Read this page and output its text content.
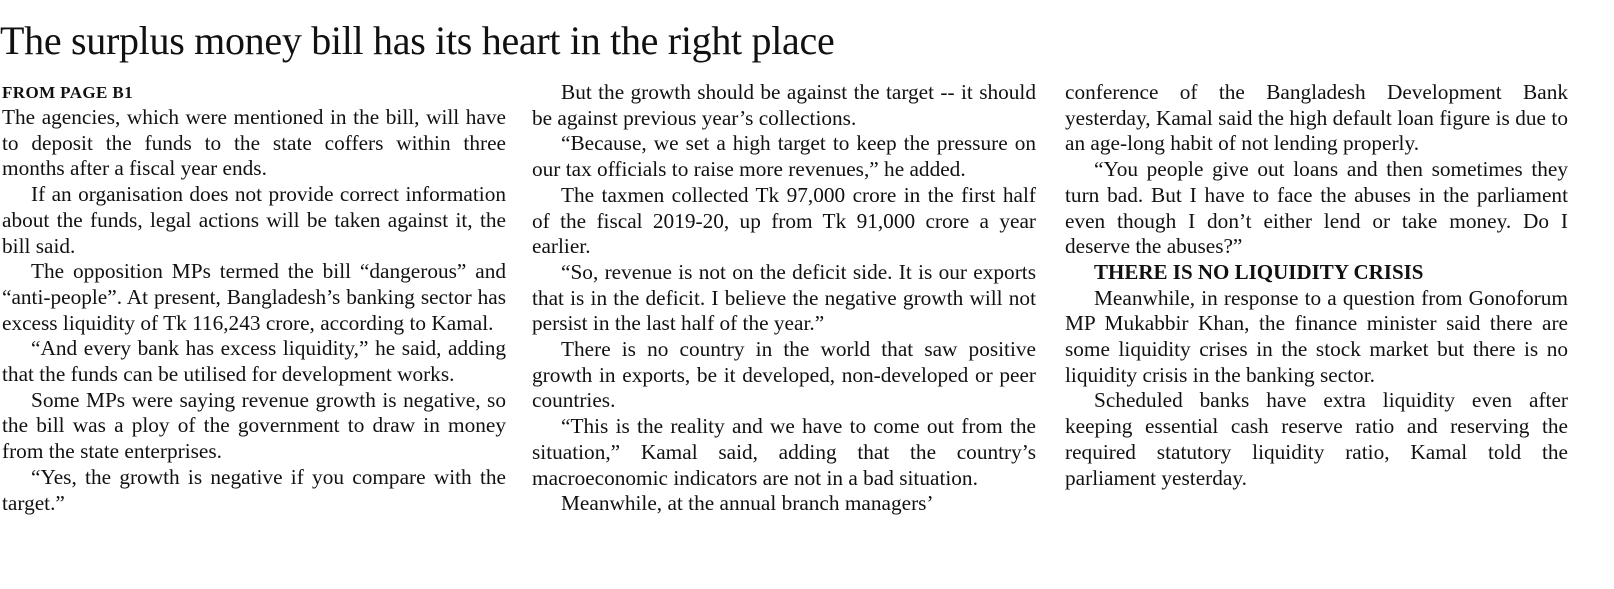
The surplus money bill has its heart in the right place
FROM PAGE B1

The agencies, which were mentioned in the bill, will have to deposit the funds to the state coffers within three months after a fiscal year ends.

If an organisation does not provide correct information about the funds, legal actions will be taken against it, the bill said.

The opposition MPs termed the bill “dangerous” and “anti-people”. At present, Bangladesh’s banking sector has excess liquidity of Tk 116,243 crore, according to Kamal.

“And every bank has excess liquidity,” he said, adding that the funds can be utilised for development works.

Some MPs were saying revenue growth is negative, so the bill was a ploy of the government to draw in money from the state enterprises.

“Yes, the growth is negative if you compare with the target.”

But the growth should be against the target -- it should be against previous year’s collections.

“Because, we set a high target to keep the pressure on our tax officials to raise more revenues,” he added.

The taxmen collected Tk 97,000 crore in the first half of the fiscal 2019-20, up from Tk 91,000 crore a year earlier.

“So, revenue is not on the deficit side. It is our exports that is in the deficit. I believe the negative growth will not persist in the last half of the year.”

There is no country in the world that saw positive growth in exports, be it developed, non-developed or peer countries.

“This is the reality and we have to come out from the situation,” Kamal said, adding that the country’s macroeconomic indicators are not in a bad situation.

Meanwhile, at the annual branch managers’

conference of the Bangladesh Development Bank yesterday, Kamal said the high default loan figure is due to an age-long habit of not lending properly.

“You people give out loans and then sometimes they turn bad. But I have to face the abuses in the parliament even though I don’t either lend or take money. Do I deserve the abuses?”

THERE IS NO LIQUIDITY CRISIS

Meanwhile, in response to a question from Gonoforum MP Mukabbir Khan, the finance minister said there are some liquidity crises in the stock market but there is no liquidity crisis in the banking sector.

Scheduled banks have extra liquidity even after keeping essential cash reserve ratio and reserving the required statutory liquidity ratio, Kamal told the parliament yesterday.
